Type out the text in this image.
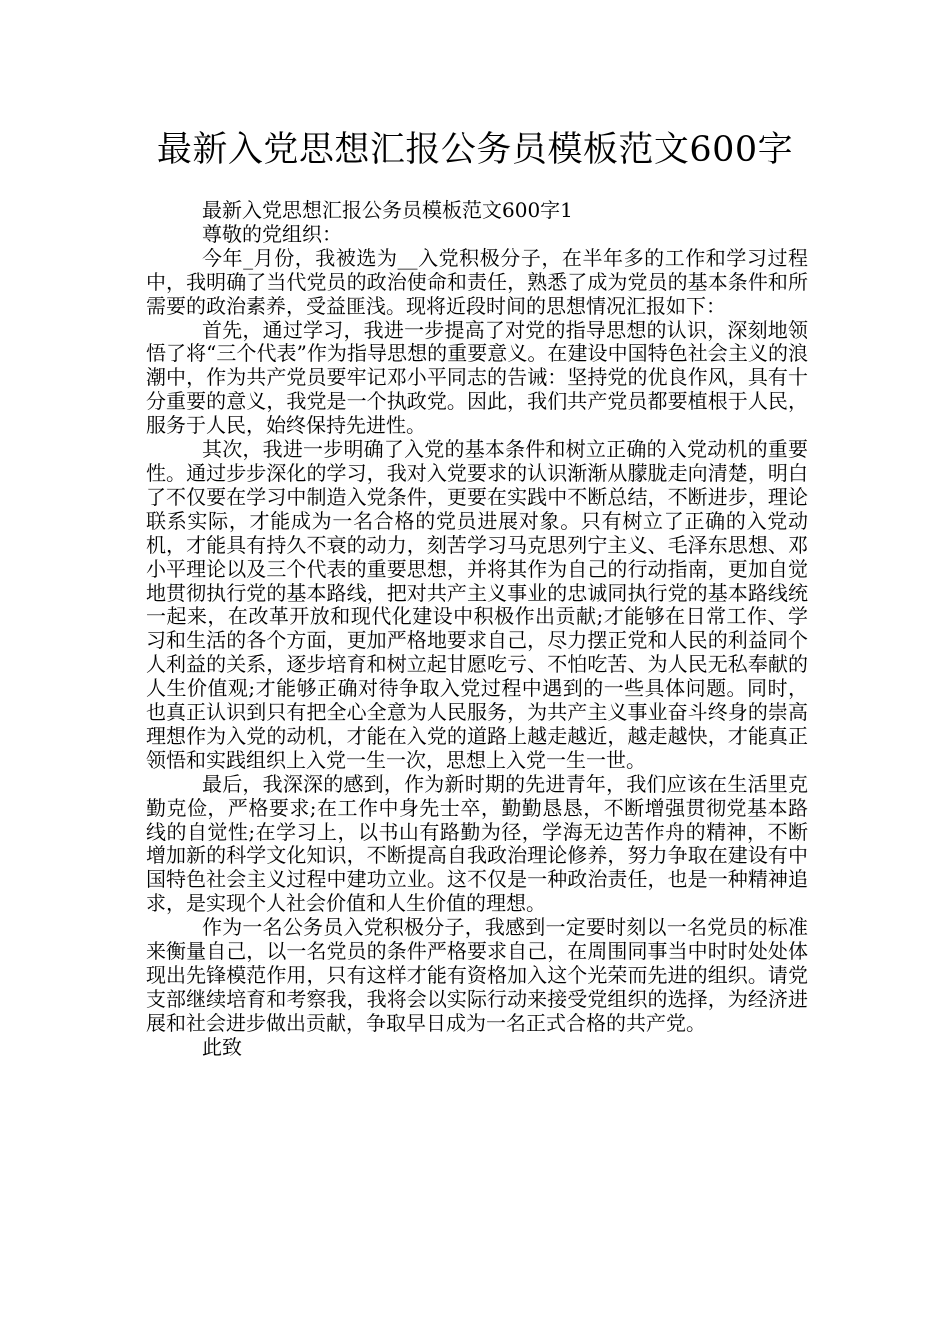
最新入党思想汇报公务员模板范文600字

最新入党思想汇报公务员模板范文600字1

尊敬的党组织：

今年_月份，我被选为__入党积极分子，在半年多的工作和学习过程中，我明确了当代党员的政治使命和责任，熟悉了成为党员的基本条件和所需要的政治素养，受益匪浅。现将近段时间的思想情况汇报如下：

首先，通过学习，我进一步提高了对党的指导思想的认识，深刻地领悟了将“三个代表”作为指导思想的重要意义。在建设中国特色社会主义的浪潮中，作为共产党员要牢记邓小平同志的告诫：坚持党的优良作风，具有十分重要的意义，我党是一个执政党。因此，我们共产党员都要植根于人民，服务于人民，始终保持先进性。

其次，我进一步明确了入党的基本条件和树立正确的入党动机的重要性。通过步步深化的学习，我对入党要求的认识渐渐从朦胧走向清楚，明白了不仅要在学习中制造入党条件，更要在实践中不断总结，不断进步，理论联系实际，才能成为一名合格的党员进展对象。只有树立了正确的入党动机，才能具有持久不衰的动力，刻苦学习马克思列宁主义、毛泽东思想、邓小平理论以及三个代表的重要思想，并将其作为自己的行动指南，更加自觉地贯彻执行党的基本路线，把对共产主义事业的忠诚同执行党的基本路线统一起来，在改革开放和现代化建设中积极作出贡献;才能够在日常工作、学习和生活的各个方面，更加严格地要求自己，尽力摆正党和人民的利益同个人利益的关系，逐步培育和树立起甘愿吃亏、不怕吃苦、为人民无私奉献的人生价值观;才能够正确对待争取入党过程中遇到的一些具体问题。同时，也真正认识到只有把全心全意为人民服务，为共产主义事业奋斗终身的崇高理想作为入党的动机，才能在入党的道路上越走越近，越走越快，才能真正领悟和实践组织上入党一生一次，思想上入党一生一世。

最后，我深深的感到，作为新时期的先进青年，我们应该在生活里克勤克俭，严格要求;在工作中身先士卒，勤勤恳恳，不断增强贯彻党基本路线的自觉性;在学习上，以书山有路勤为径，学海无边苦作舟的精神，不断增加新的科学文化知识，不断提高自我政治理论修养，努力争取在建设有中国特色社会主义过程中建功立业。这不仅是一种政治责任，也是一种精神追求，是实现个人社会价值和人生价值的理想。

作为一名公务员入党积极分子，我感到一定要时刻以一名党员的标准来衡量自己，以一名党员的条件严格要求自己，在周围同事当中时时处处体现出先锋模范作用，只有这样才能有资格加入这个光荣而先进的组织。请党支部继续培育和考察我，我将会以实际行动来接受党组织的选择，为经济进展和社会进步做出贡献，争取早日成为一名正式合格的共产党。

此致
